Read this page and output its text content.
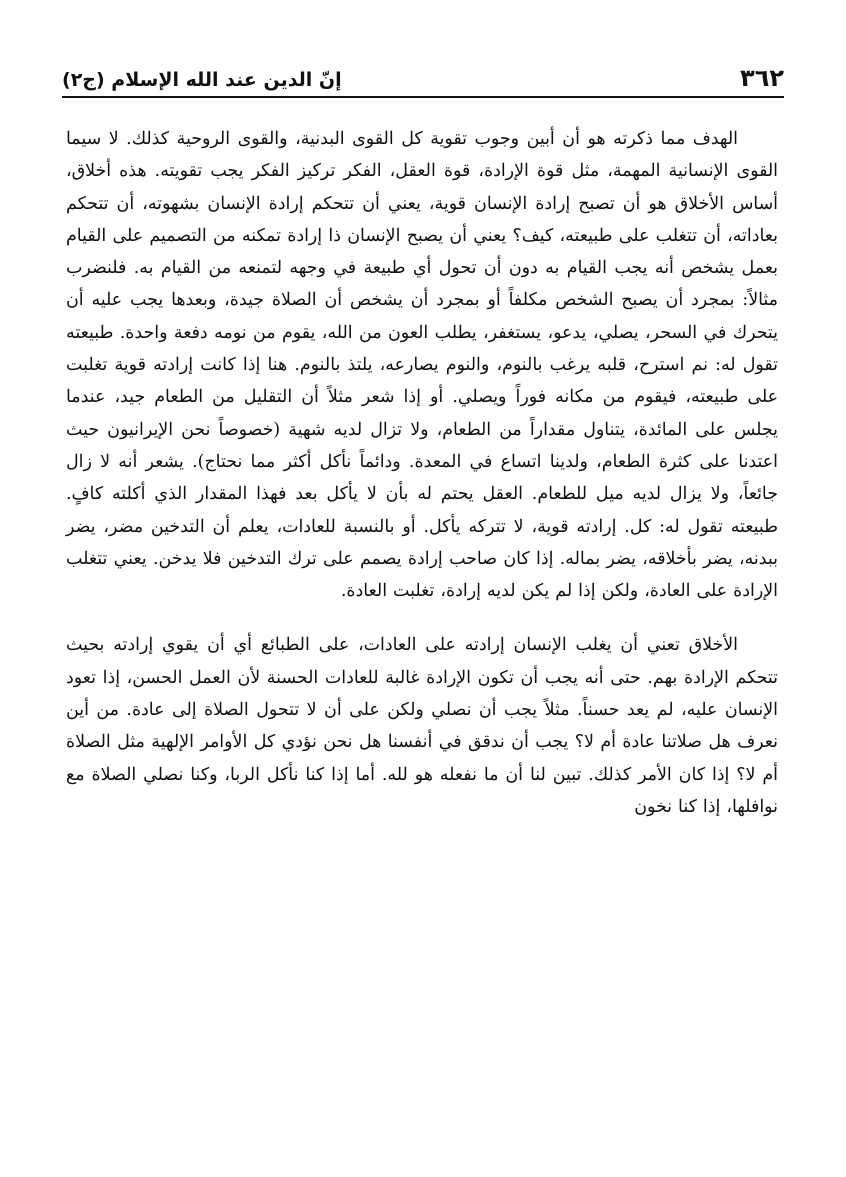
٣٦٢
إنّ الدين عند الله الإسلام (ج٢)

الهدف مما ذكرته هو أن أبين وجوب تقوية كل القوى البدنية، والقوى الروحية كذلك. لا سيما القوى الإنسانية المهمة، مثل قوة الإرادة، قوة العقل، الفكر تركيز الفكر يجب تقويته. هذه أخلاق، أساس الأخلاق هو أن تصبح إرادة الإنسان قوية، يعني أن تتحكم إرادة الإنسان بشهوته، أن تتحكم بعاداته، أن تتغلب على طبيعته، كيف؟ يعني أن يصبح الإنسان ذا إرادة تمكنه من التصميم على القيام بعمل يشخص أنه يجب القيام به دون أن تحول أي طبيعة في وجهه لتمنعه من القيام به. فلنضرب مثالاً: بمجرد أن يصبح الشخص مكلفاً أو بمجرد أن يشخص أن الصلاة جيدة، وبعدها يجب عليه أن يتحرك في السحر، يصلي، يدعو، يستغفر، يطلب العون من الله، يقوم من نومه دفعة واحدة. طبيعته تقول له: نم استرح، قلبه يرغب بالنوم، والنوم يصارعه، يلتذ بالنوم. هنا إذا كانت إرادته قوية تغلبت على طبيعته، فيقوم من مكانه فوراً ويصلي. أو إذا شعر مثلاً أن التقليل من الطعام جيد، عندما يجلس على المائدة، يتناول مقداراً من الطعام، ولا تزال لديه شهية (خصوصاً نحن الإيرانيون حيث اعتدنا على كثرة الطعام، ولدينا اتساع في المعدة. ودائماً نأكل أكثر مما نحتاج). يشعر أنه لا زال جائعاً، ولا يزال لديه ميل للطعام. العقل يحتم له بأن لا يأكل بعد فهذا المقدار الذي أكلته كافٍ. طبيعته تقول له: كل. إرادته قوية، لا تتركه يأكل. أو بالنسبة للعادات، يعلم أن التدخين مضر، يضر ببدنه، يضر بأخلاقه، يضر بماله. إذا كان صاحب إرادة يصمم على ترك التدخين فلا يدخن. يعني تتغلب الإرادة على العادة، ولكن إذا لم يكن لديه إرادة، تغلبت العادة.

الأخلاق تعني أن يغلب الإنسان إرادته على العادات، على الطبائع أي أن يقوي إرادته بحيث تتحكم الإرادة بهم. حتى أنه يجب أن تكون الإرادة غالبة للعادات الحسنة لأن العمل الحسن، إذا تعود الإنسان عليه، لم يعد حسناً. مثلاً يجب أن نصلي ولكن على أن لا تتحول الصلاة إلى عادة. من أين نعرف هل صلاتنا عادة أم لا؟ يجب أن ندقق في أنفسنا هل نحن نؤدي كل الأوامر الإلهية مثل الصلاة أم لا؟ إذا كان الأمر كذلك. تبين لنا أن ما نفعله هو لله. أما إذا كنا نأكل الربا، وكنا نصلي الصلاة مع نوافلها، إذا كنا نخون
